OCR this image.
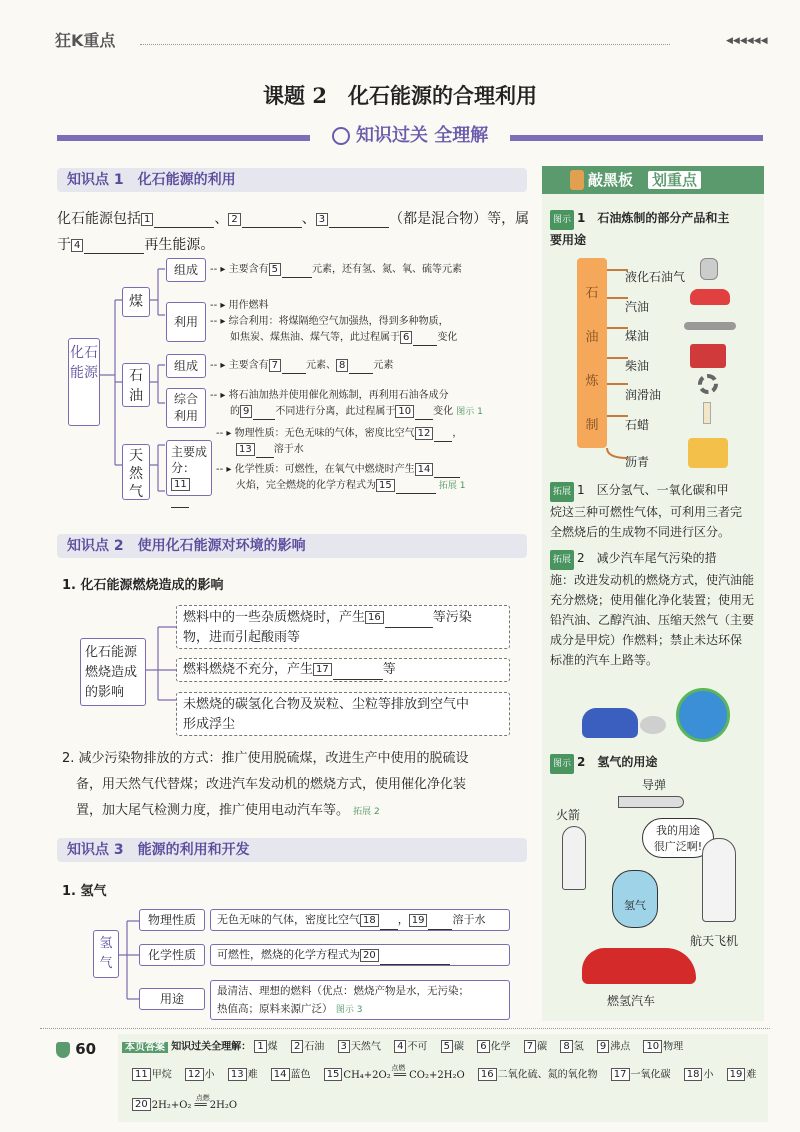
狂K重点	◀◀◀◀◀◀
课题 2　化石能源的合理利用
知识过关 全理解
知识点 1　化石能源的利用
化石能源包括 1	、 2	、 3	（都是混合物）等，属
于 4	再生能源。
化石能源
煤
组成	-- ▸ 主要含有 5	元素，还有氢、氮、氧、硫等元素
利用
-- ▸ 用作燃料
-- ▸ 综合利用：将煤隔绝空气加强热，得到多种物质，
如焦炭、煤焦油、煤气等，此过程属于 6	变化
石油
组成	-- ▸ 主要含有 7	元素、 8	元素
综合利用
-- ▸ 将石油加热并使用催化剂炼制，再利用石油各成分
的 9	不同进行分离，此过程属于 10 变化 图示 1
天然气
主要成分：
11
-- ▸ 物理性质：无色无味的气体，密度比空气 12 ，
13 溶于水
-- ▸ 化学性质：可燃性，在氧气中燃烧时产生 14
火焰，完全燃烧的化学方程式为 15	拓展 1
知识点 2　使用化石能源对环境的影响
1. 化石能源燃烧造成的影响
化石能源燃烧造成的影响
燃料中的一些杂质燃烧时，产生 16	等污染
物，进而引起酸雨等
燃料燃烧不充分，产生 17	等
未燃烧的碳氢化合物及炭粒、尘粒等排放到空气中
形成浮尘
2. 减少污染物排放的方式：推广使用脱硫煤，改进生产中使用的脱硫设
备，用天然气代替煤；改进汽车发动机的燃烧方式，使用催化净化装
置，加大尾气检测力度，推广使用电动汽车等。 拓展 2
知识点 3　能源的利用和开发
1. 氢气
氢气
物理性质	无色无味的气体，密度比空气 18 ， 19	溶于水
化学性质	可燃性，燃烧的化学方程式为 20
用途
最清洁、理想的燃料（优点：燃烧产物是水，无污染；
热值高；原料来源广泛） 图示 3
敲黑板　 划重点
图示 1　石油炼制的部分产品和主
要用途
石
油
炼
制
液化石油气
汽油
煤油
柴油
润滑油
石蜡
沥青
拓展 1　区分氢气、一氧化碳和甲
烷这三种可燃性气体，可利用三者完
全燃烧后的生成物不同进行区分。
拓展 2　减少汽车尾气污染的措
施：改进发动机的燃烧方式，使汽油能
充分燃烧；使用催化净化装置；使用无
铅汽油、乙醇汽油、压缩天然气（主要
成分是甲烷）作燃料；禁止未达环保
标准的汽车上路等。
图示 2　氢气的用途
导弹
火箭
我的用途
很广泛啊!
氢气
航天飞机
燃氢汽车
60	本页答案 知识过关全理解： 1 煤　 2 石油　 3 天然气　 4 不可　 5 碳　 6 化学　 7 碳　 8 氢　 9 沸点　 10 物理
11 甲烷　 12 小　 13 难　 14 蓝色　 15
点燃
CH₄+2O₂ ══ CO₂+2H₂O　 16 二氧化硫、氮的氧化物　 17 一氧化碳　 18 小　 19 难
20
点燃
2H₂+O₂ ══ 2H₂O
